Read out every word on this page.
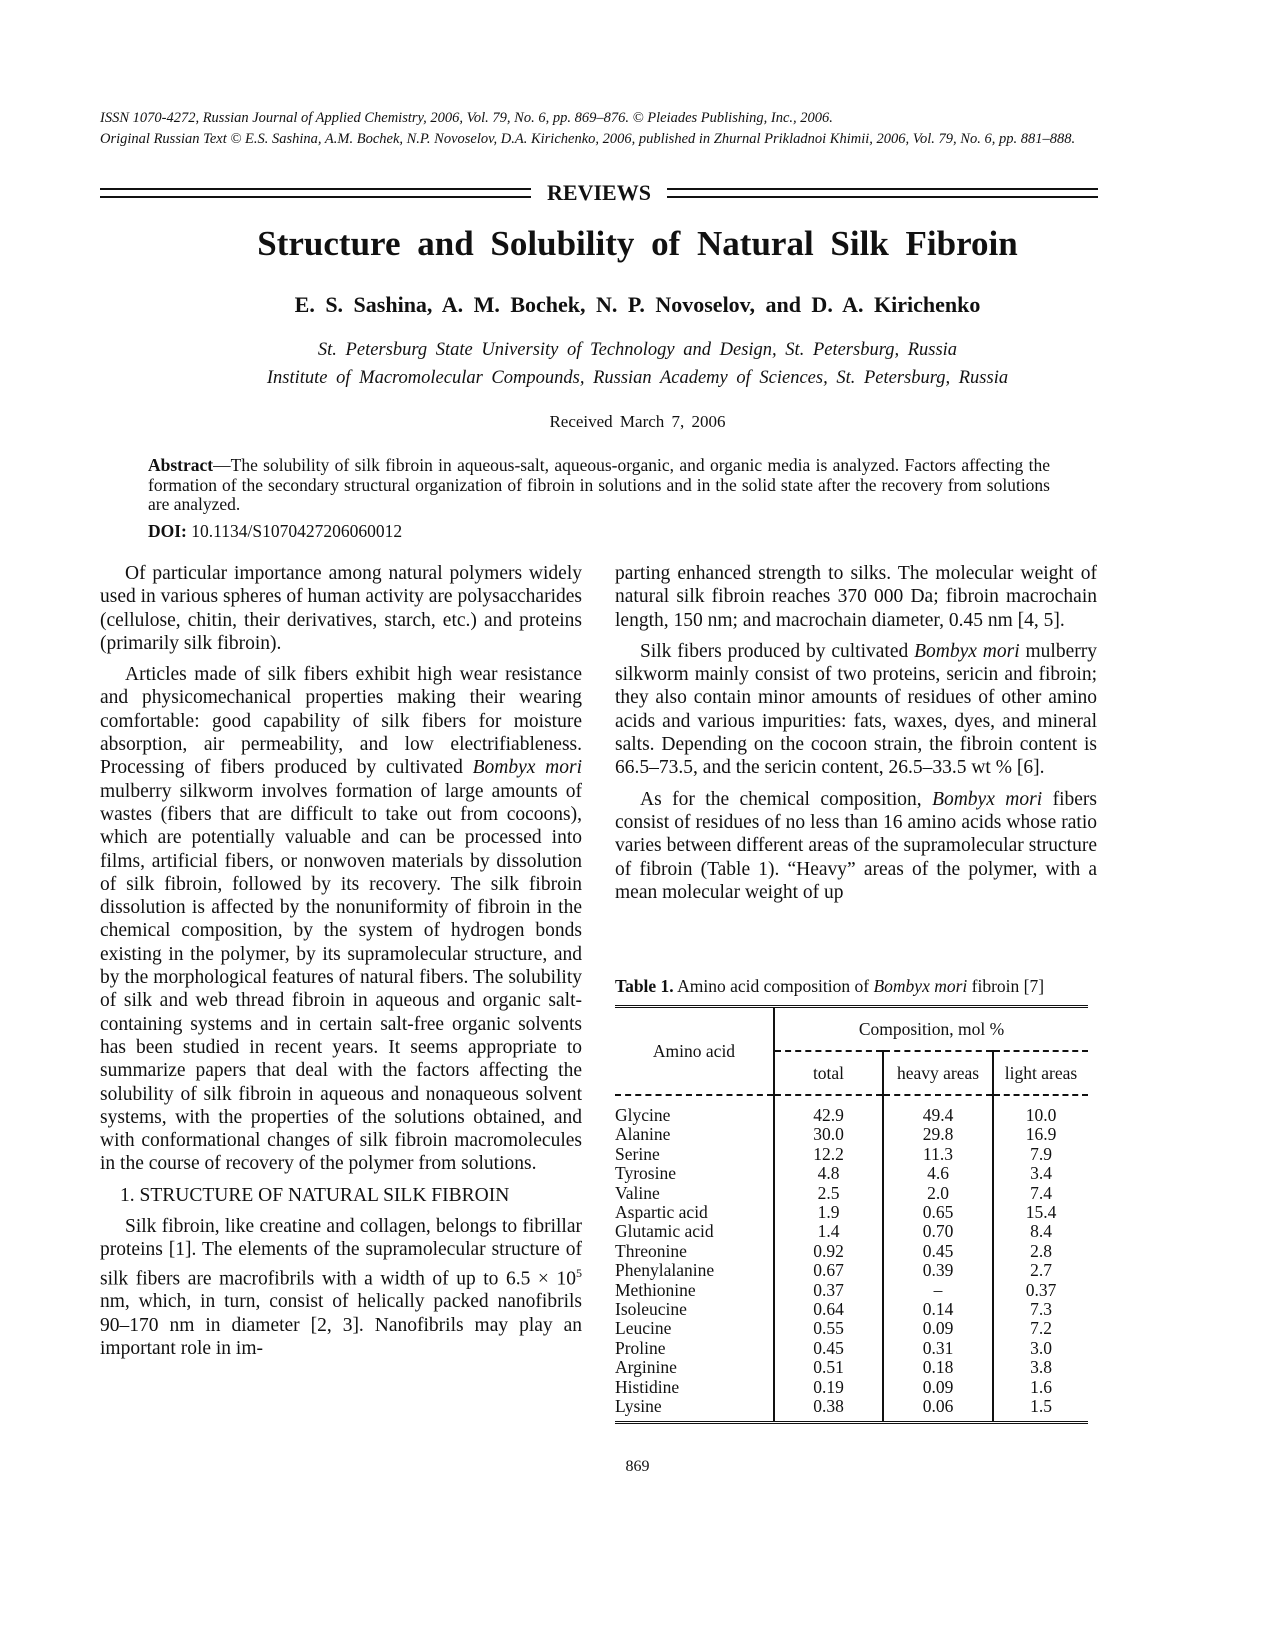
ISSN 1070-4272, Russian Journal of Applied Chemistry, 2006, Vol. 79, No. 6, pp. 869–876. © Pleiades Publishing, Inc., 2006.
Original Russian Text © E.S. Sashina, A.M. Bochek, N.P. Novoselov, D.A. Kirichenko, 2006, published in Zhurnal Prikladnoi Khimii, 2006, Vol. 79, No. 6, pp. 881–888.
REVIEWS
Structure and Solubility of Natural Silk Fibroin
E. S. Sashina, A. M. Bochek, N. P. Novoselov, and D. A. Kirichenko
St. Petersburg State University of Technology and Design, St. Petersburg, Russia
Institute of Macromolecular Compounds, Russian Academy of Sciences, St. Petersburg, Russia
Received March 7, 2006
Abstract—The solubility of silk fibroin in aqueous-salt, aqueous-organic, and organic media is analyzed. Factors affecting the formation of the secondary structural organization of fibroin in solutions and in the solid state after the recovery from solutions are analyzed.
DOI: 10.1134/S1070427206060012

Of particular importance among natural polymers widely used in various spheres of human activity are polysaccharides (cellulose, chitin, their derivatives, starch, etc.) and proteins (primarily silk fibroin).

Articles made of silk fibers exhibit high wear resistance and physicomechanical properties making their wearing comfortable: good capability of silk fibers for moisture absorption, air permeability, and low electrifiableness. Processing of fibers produced by cultivated Bombyx mori mulberry silkworm involves formation of large amounts of wastes (fibers that are difficult to take out from cocoons), which are potentially valuable and can be processed into films, artificial fibers, or nonwoven materials by dissolution of silk fibroin, followed by its recovery. The silk fibroin dissolution is affected by the nonuniformity of fibroin in the chemical composition, by the system of hydrogen bonds existing in the polymer, by its supramolecular structure, and by the morphological features of natural fibers. The solubility of silk and web thread fibroin in aqueous and organic salt-containing systems and in certain salt-free organic solvents has been studied in recent years. It seems appropriate to summarize papers that deal with the factors affecting the solubility of silk fibroin in aqueous and nonaqueous solvent systems, with the properties of the solutions obtained, and with conformational changes of silk fibroin macromolecules in the course of recovery of the polymer from solutions.

1. STRUCTURE OF NATURAL SILK FIBROIN

Silk fibroin, like creatine and collagen, belongs to fibrillar proteins [1]. The elements of the supramolecular structure of silk fibers are macrofibrils with a width of up to $6.5 \times 10^5$ nm, which, in turn, consist of helically packed nanofibrils 90–170 nm in diameter [2, 3]. Nanofibrils may play an important role in im-

parting enhanced strength to silks. The molecular weight of natural silk fibroin reaches 370 000 Da; fibroin macrochain length, 150 nm; and macrochain diameter, 0.45 nm [4, 5].

Silk fibers produced by cultivated Bombyx mori mulberry silkworm mainly consist of two proteins, sericin and fibroin; they also contain minor amounts of residues of other amino acids and various impurities: fats, waxes, dyes, and mineral salts. Depending on the cocoon strain, the fibroin content is 66.5–73.5, and the sericin content, 26.5–33.5 wt % [6].

As for the chemical composition, Bombyx mori fibers consist of residues of no less than 16 amino acids whose ratio varies between different areas of the supramolecular structure of fibroin (Table 1). “Heavy” areas of the polymer, with a mean molecular weight of up

Table 1. Amino acid composition of Bombyx mori fibroin [7]
Amino acid	Composition, mol %		
	total	heavy areas	light areas
Glycine	42.9	49.4	10.0
Alanine	30.0	29.8	16.9
Serine	12.2	11.3	7.9
Tyrosine	4.8	4.6	3.4
Valine	2.5	2.0	7.4
Aspartic acid	1.9	0.65	15.4
Glutamic acid	1.4	0.70	8.4
Threonine	0.92	0.45	2.8
Phenylalanine	0.67	0.39	2.7
Methionine	0.37	–	0.37
Isoleucine	0.64	0.14	7.3
Leucine	0.55	0.09	7.2
Proline	0.45	0.31	3.0
Arginine	0.51	0.18	3.8
Histidine	0.19	0.09	1.6
Lysine	0.38	0.06	1.5
869
